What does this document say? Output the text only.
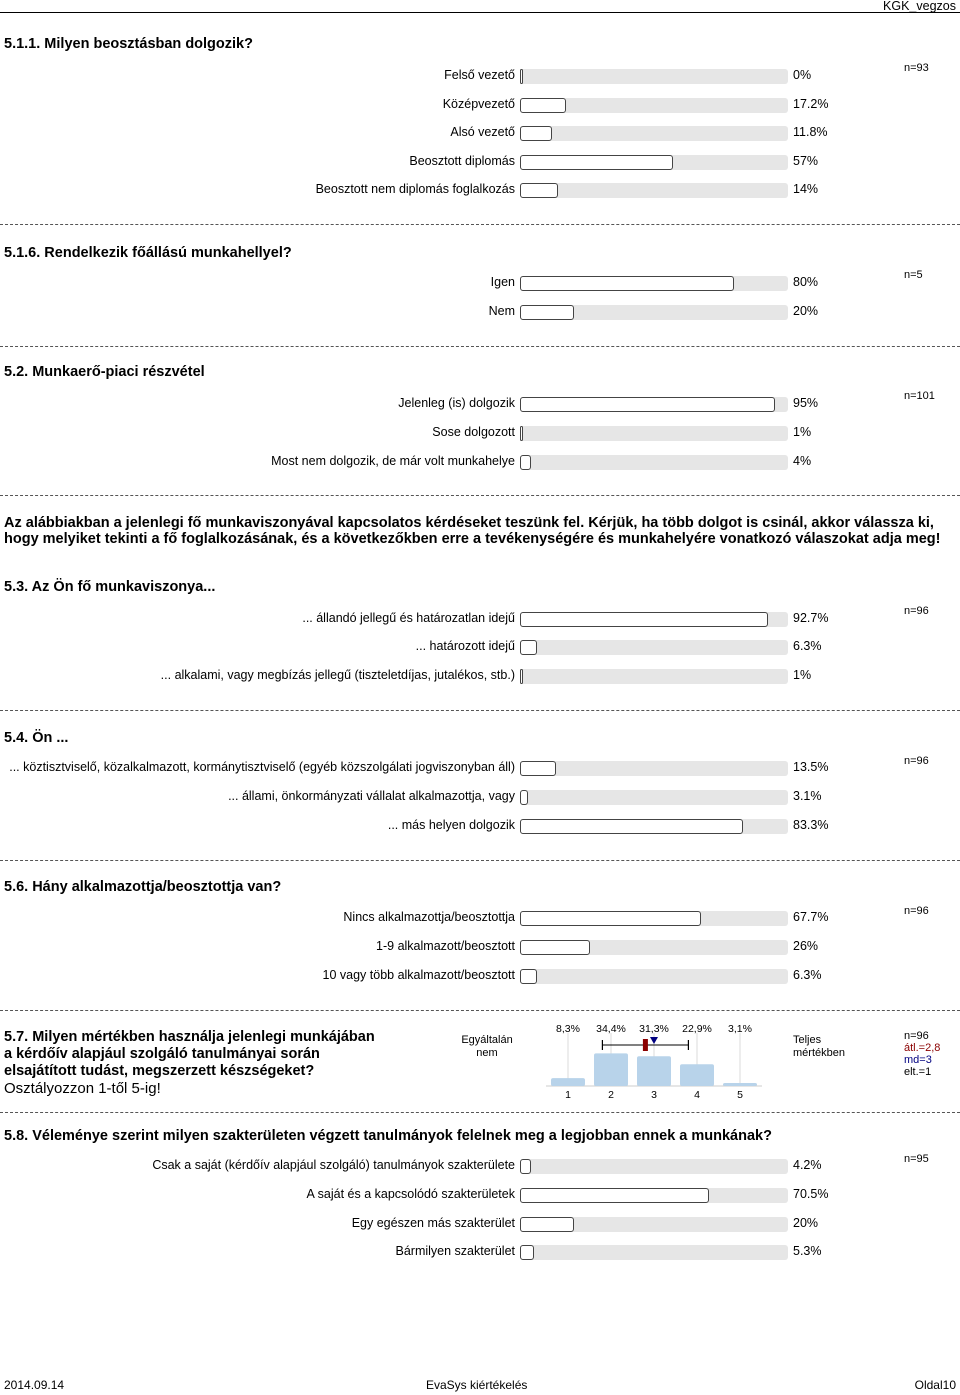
KGK_vegzos
5.1.1. Milyen beosztásban dolgozik?
n=93
Felső vezető	0%
Középvezető	17.2%
Alsó vezető	11.8%
Beosztott diplomás	57%
Beosztott nem diplomás foglalkozás	14%
5.1.6. Rendelkezik főállású munkahellyel?
n=5
Igen	80%
Nem	20%
5.2. Munkaerő-piaci részvétel
n=101
Jelenleg (is) dolgozik	95%
Sose dolgozott	1%
Most nem dolgozik, de már volt munkahelye	4%
5.3. Az Ön fő munkaviszonya...
n=96
... állandó jellegű és határozatlan idejű	92.7%
... határozott idejű	6.3%
... alkalami, vagy megbízás jellegű (tiszteletdíjas, jutalékos, stb.)	1%
5.4. Ön ...
n=96
... köztisztviselő, közalkalmazott, kormánytisztviselő (egyéb közszolgálati jogviszonyban áll)	13.5%
... állami, önkormányzati vállalat alkalmazottja, vagy	3.1%
... más helyen dolgozik	83.3%
5.6. Hány alkalmazottja/beosztottja van?
n=96
Nincs alkalmazottja/beosztottja	67.7%
1-9 alkalmazott/beosztott	26%
10 vagy több alkalmazott/beosztott	6.3%
5.8. Véleménye szerint milyen szakterületen végzett tanulmányok felelnek meg a legjobban ennek a munkának?
n=95
Csak a saját (kérdőív alapjául szolgáló) tanulmányok szakterülete	4.2%
A saját és a kapcsolódó szakterületek	70.5%
Egy egészen más szakterület	20%
Bármilyen szakterület	5.3%
Az alábbiakban a jelenlegi fő munkaviszonyával kapcsolatos kérdéseket teszünk fel. Kérjük, ha több dolgot is csinál, akkor válassza ki, hogy melyiket tekinti a fő foglalkozásának, és a következőkben erre a tevékenységére és munkahelyére vonatkozó válaszokat adja meg!
5.7. Milyen mértékben használja jelenlegi munkájában a kérdőív alapjául szolgáló tanulmányai során elsajátított tudást, megszerzett készségeket?
Osztályozzon 1-től 5-ig!
Egyáltalán nem
Teljes mértékben
8,3%
1
34,4%
2
31,3%
3
22,9%
4
3,1%
5
n=96
átl.=2,8
md=3
elt.=1
2014.09.14	EvaSys kiértékelés	Oldal10
